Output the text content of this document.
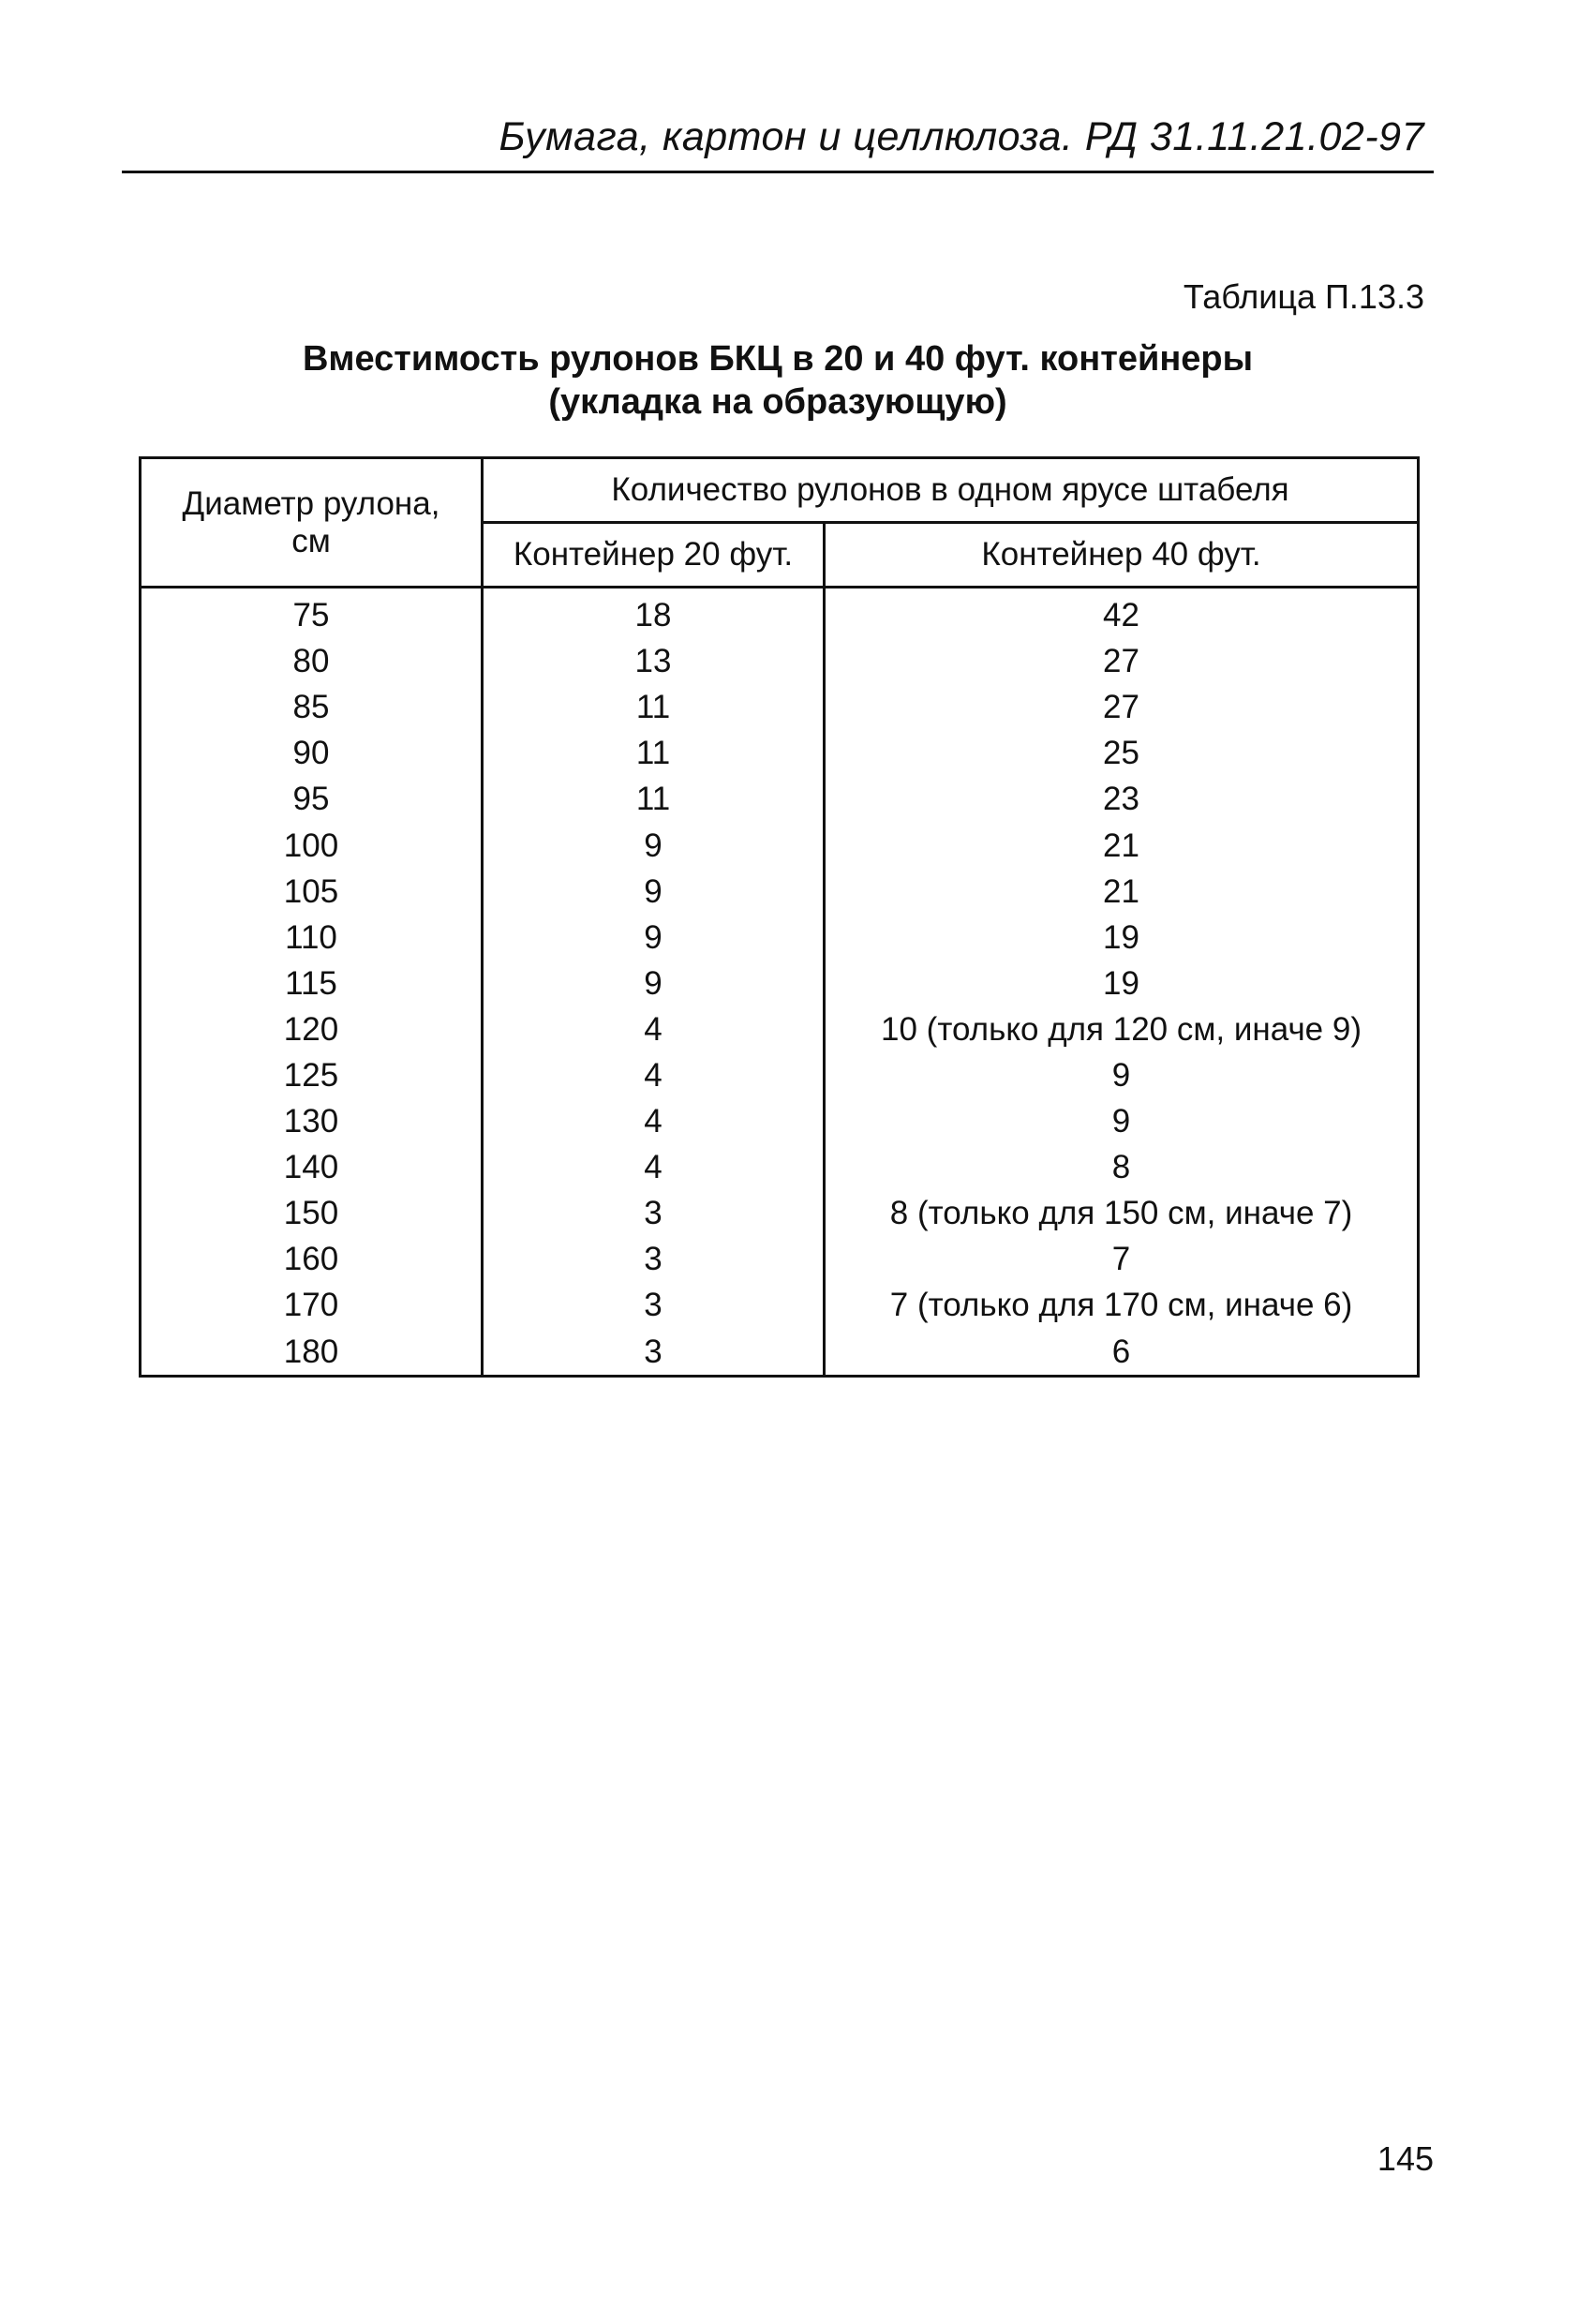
Бумага, картон и целлюлоза. РД 31.11.21.02-97
Таблица П.13.3
Вместимость рулонов БКЦ в 20 и 40 фут. контейнеры
(укладка на образующую)
Диаметр рулона, см	Количество рулонов в одном ярусе штабеля	
	Контейнер 20 фут.	Контейнер 40 фут.
75	18	42
80	13	27
85	11	27
90	11	25
95	11	23
100	9	21
105	9	21
110	9	19
115	9	19
120	4	10 (только для 120 см, иначе 9)
125	4	9
130	4	9
140	4	8
150	3	8 (только для 150 см, иначе 7)
160	3	7
170	3	7 (только для 170 см, иначе 6)
180	3	6
145
